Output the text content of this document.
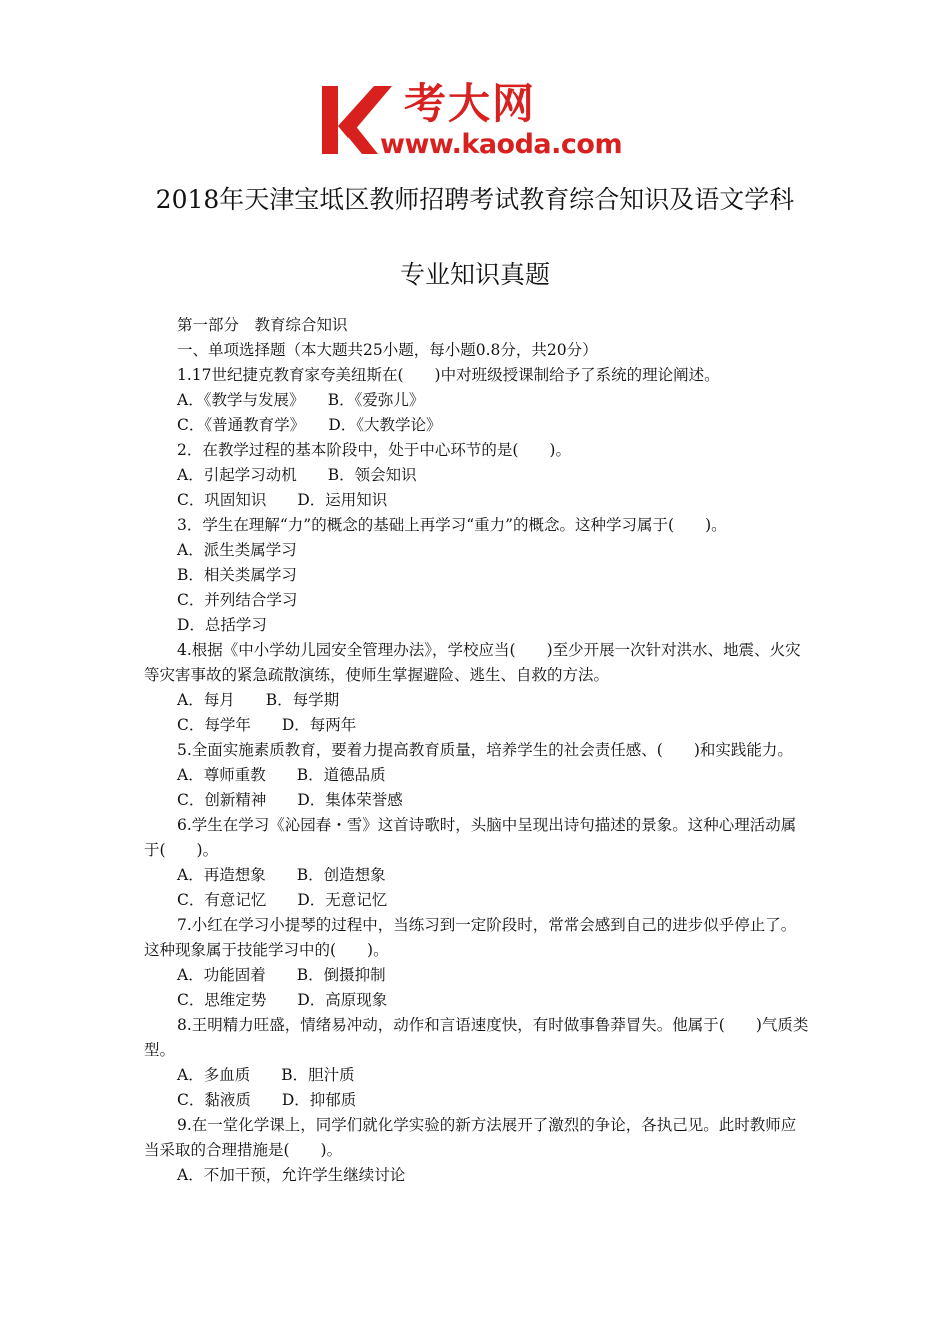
考大网
www.kaoda.com
2018年天津宝坻区教师招聘考试教育综合知识及语文学科
专业知识真题
第一部分　教育综合知识
一、单项选择题（本大题共25小题，每小题0.8分，共20分）
1.17世纪捷克教育家夸美纽斯在(　　)中对班级授课制给予了系统的理论阐述。
A．《教学与发展》　　B．《爱弥儿》
C．《普通教育学》　　D．《大教学论》
2．在教学过程的基本阶段中，处于中心环节的是(　　)。
A．引起学习动机　　B．领会知识
C．巩固知识　　D．运用知识
3．学生在理解“力”的概念的基础上再学习“重力”的概念。这种学习属于(　　)。
A．派生类属学习
B．相关类属学习
C．并列结合学习
D．总括学习
4.根据《中小学幼儿园安全管理办法》，学校应当(　　)至少开展一次针对洪水、地震、火灾等灾害事故的紧急疏散演练，使师生掌握避险、逃生、自救的方法。
A．每月　　B．每学期
C．每学年　　D．每两年
5.全面实施素质教育，要着力提高教育质量，培养学生的社会责任感、(　　)和实践能力。
A．尊师重教　　B．道德品质
C．创新精神　　D．集体荣誉感
6.学生在学习《沁园春・雪》这首诗歌时，头脑中呈现出诗句描述的景象。这种心理活动属于(　　)。
A．再造想象　　B．创造想象
C．有意记忆　　D．无意记忆
7.小红在学习小提琴的过程中，当练习到一定阶段时，常常会感到自己的进步似乎停止了。这种现象属于技能学习中的(　　)。
A．功能固着　　B．倒摄抑制
C．思维定势　　D．高原现象
8.王明精力旺盛，情绪易冲动，动作和言语速度快，有时做事鲁莽冒失。他属于(　　)气质类型。
A．多血质　　B．胆汁质
C．黏液质　　D．抑郁质
9.在一堂化学课上，同学们就化学实验的新方法展开了激烈的争论，各执己见。此时教师应当采取的合理措施是(　　)。
A．不加干预，允许学生继续讨论
